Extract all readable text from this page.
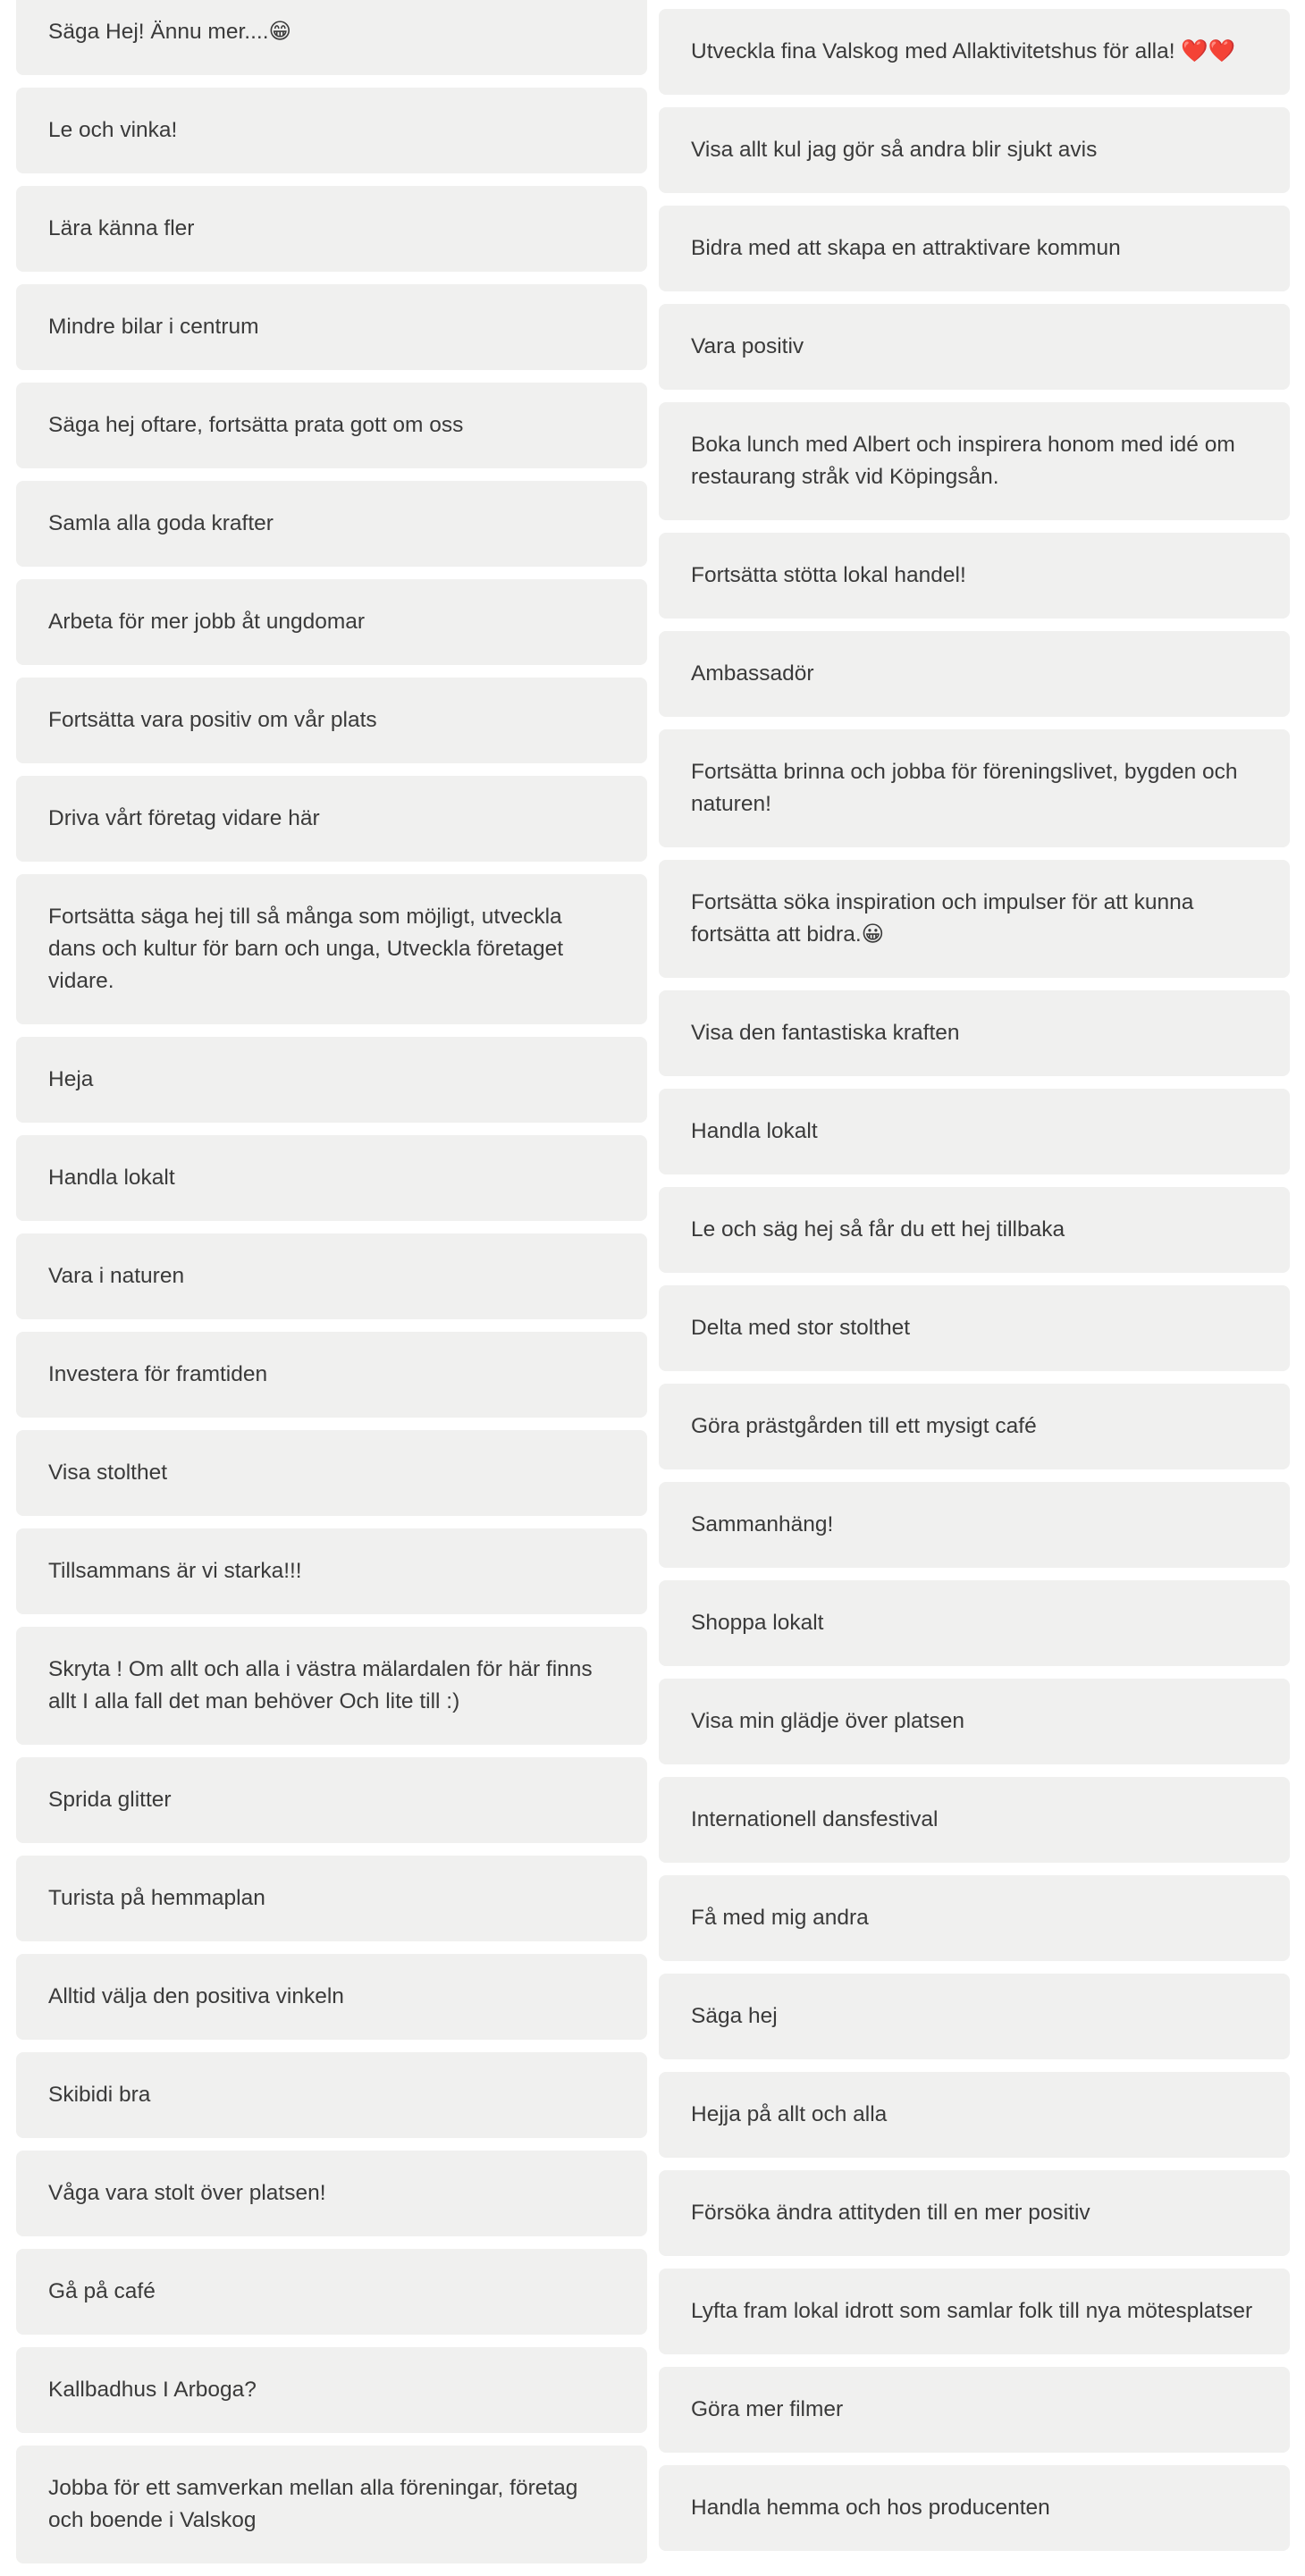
Säga Hej! Ännu mer....😁
Le och vinka!
Lära känna fler
Mindre bilar i centrum
Säga hej oftare, fortsätta prata gott om oss
Samla alla goda krafter
Arbeta för mer jobb åt ungdomar
Fortsätta vara positiv om vår plats
Driva vårt företag vidare här
Fortsätta säga hej till så många som möjligt, utveckla dans och kultur för barn och unga, Utveckla företaget vidare.
Heja
Handla lokalt
Vara i naturen
Investera för framtiden
Visa stolthet
Tillsammans är vi starka!!!
Skryta ! Om allt och alla i västra mälardalen för här finns allt I alla fall det man behöver Och lite till :)
Sprida glitter
Turista på hemmaplan
Alltid välja den positiva vinkeln
Skibidi bra
Våga vara stolt över platsen!
Gå på café
Kallbadhus I Arboga?
Jobba för ett samverkan mellan alla föreningar, företag och boende i Valskog
Utveckla fina Valskog med Allaktivitetshus för alla! ❤️❤️
Visa allt kul jag gör så andra blir sjukt avis
Bidra med att skapa en attraktivare kommun
Vara positiv
Boka lunch med Albert och inspirera honom med idé om restaurang stråk vid Köpingsån.
Fortsätta stötta lokal handel!
Ambassadör
Fortsätta brinna och jobba för föreningslivet, bygden och naturen!
Fortsätta söka inspiration och impulser för att kunna fortsätta att bidra.😀
Visa den fantastiska kraften
Handla lokalt
Le och säg hej så får du ett hej tillbaka
Delta med stor stolthet
Göra prästgården till ett mysigt café
Sammanhäng!
Shoppa lokalt
Visa min glädje över platsen
Internationell dansfestival
Få med mig andra
Säga hej
Hejja på allt och alla
Försöka ändra attityden till en mer positiv
Lyfta fram lokal idrott som samlar folk till nya mötesplatser
Göra mer filmer
Handla hemma och hos producenten
